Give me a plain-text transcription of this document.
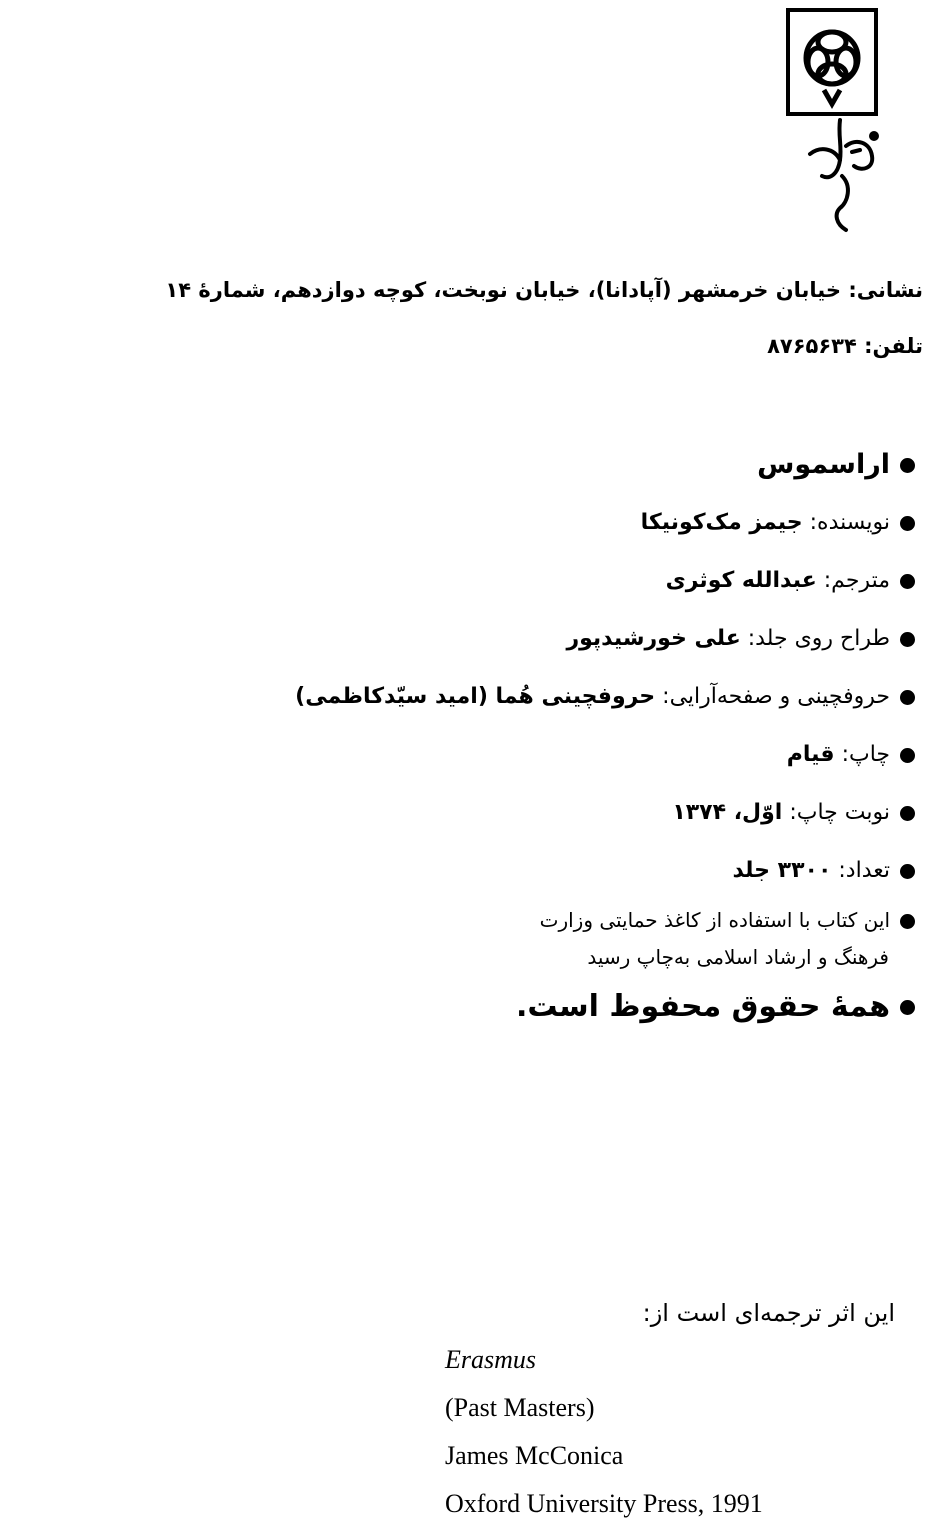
نشانی: خیابان خرمشهر (آپادانا)، خیابان نوبخت، کوچه دوازدهم، شمارهٔ ۱۴
تلفن: ۸۷۶۵۶۳۴
اراسموس
نویسنده: جیمز مک‌کونیکا
مترجم: عبدالله کوثری
طراح روی جلد: علی خورشیدپور
حروفچینی و صفحه‌آرایی: حروفچینی هُما (امید سیّدکاظمی)
چاپ: قیام
نوبت چاپ: اوّل، ۱۳۷۴
تعداد: ۳۳۰۰ جلد
این کتاب با استفاده از کاغذ حمایتی وزارت
فرهنگ و ارشاد اسلامی به‌چاپ رسید
همهٔ حقوق محفوظ است.
این اثر ترجمه‌ای است از:
Erasmus
(Past Masters)
James McConica
Oxford University Press, 1991
